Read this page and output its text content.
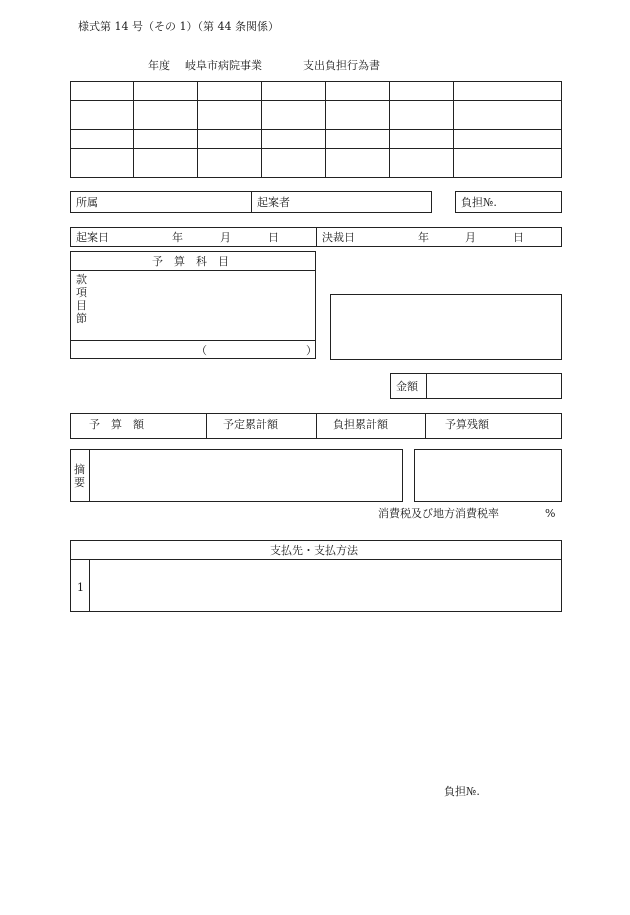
様式第 14 号（その 1）（第 44 条関係）
年度 岐阜市病院事業	支出負担行為書

所属	起案者	負担№.
起案日	年	月	日	決裁日	年	月	日
予　算　科　目
款
項
目
節
（　　　　　　　　　）
金額
予　算　額	予定累計額	負担累計額	予算残額
摘
要
消費税及び地方消費税率	%
支払先・支払方法
1
負担№.
